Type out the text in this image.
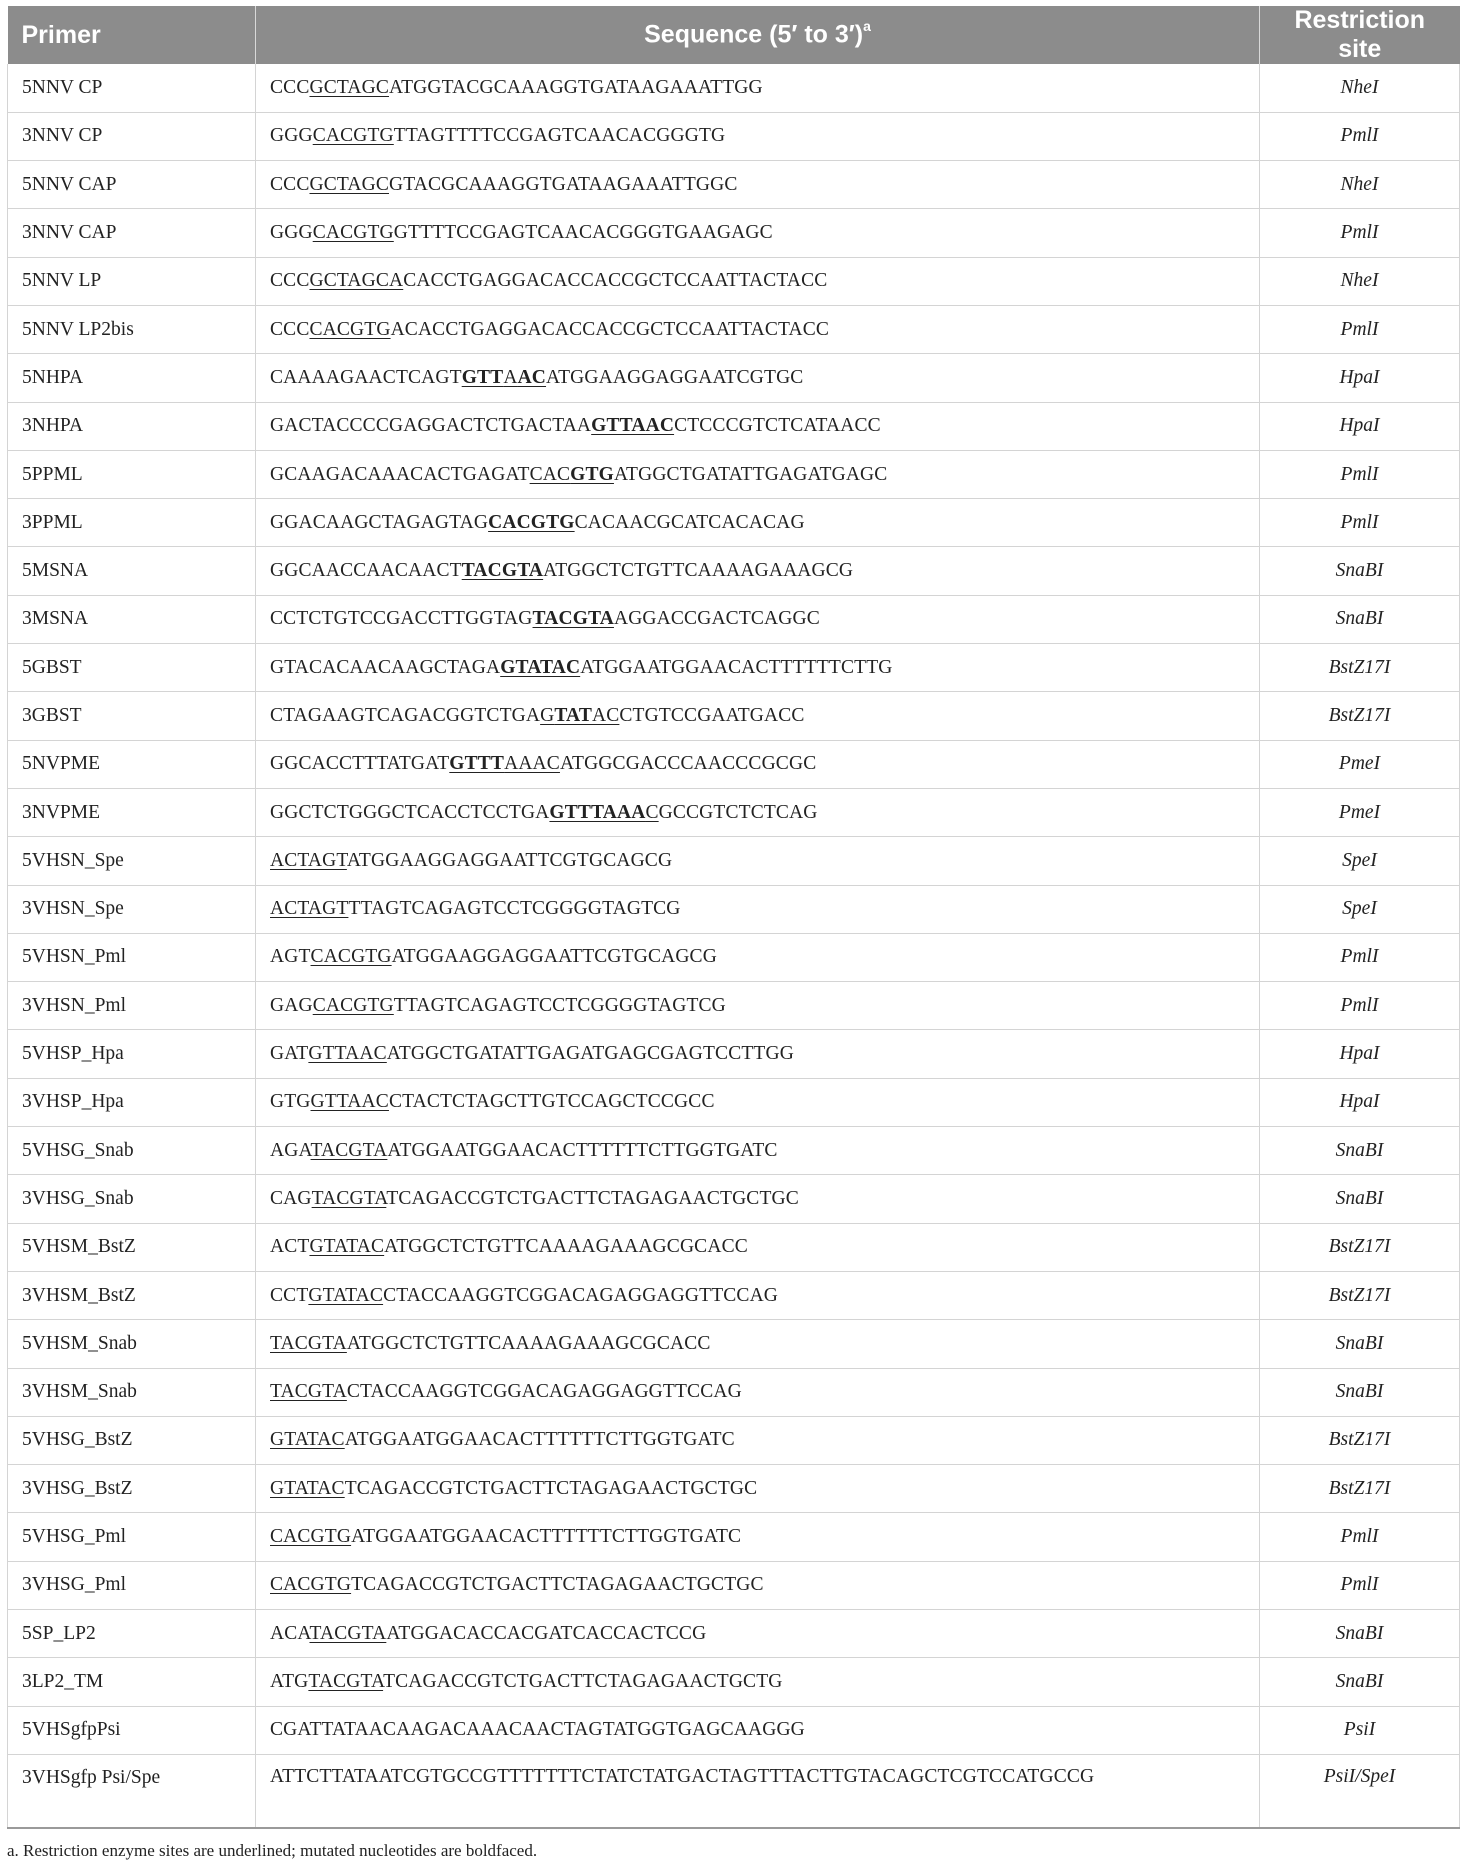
Primer	Sequence (5′ to 3′)$^a$	Restriction site
5NNV CP	CCCGCTAGCATGGTACGCAAAGGTGATAAGAAATTGG	NheI
3NNV CP	GGGCACGTGTTAGTTTTCCGAGTCAACACGGGTG	PmlI
5NNV CAP	CCCGCTAGCGTACGCAAAGGTGATAAGAAATTGGC	NheI
3NNV CAP	GGGCACGTGGTTTTCCGAGTCAACACGGGTGAAGAGC	PmlI
5NNV LP	CCCGCTAGCACACCTGAGGACACCACCGCTCCAATTACTACC	NheI
5NNV LP2bis	CCCCACGTGACACCTGAGGACACCACCGCTCCAATTACTACC	PmlI
5NHPA	CAAAAGAACTCAGTGTTAACATGGAAGGAGGAATCGTGC	HpaI
3NHPA	GACTACCCCGAGGACTCTGACTAAGTTAACCTCCCGTCTCATAACC	HpaI
5PPML	GCAAGACAAACACTGAGATCACGTGATGGCTGATATTGAGATGAGC	PmlI
3PPML	GGACAAGCTAGAGTAGCACGTGCACAACGCATCACACAG	PmlI
5MSNA	GGCAACCAACAACTTACGTAATGGCTCTGTTCAAAAGAAAGCG	SnaBI
3MSNA	CCTCTGTCCGACCTTGGTAGTACGTAAGGACCGACTCAGGC	SnaBI
5GBST	GTACACAACAAGCTAGAGTATACATGGAATGGAACACTTTTTTCTTG	BstZ17I
3GBST	CTAGAAGTCAGACGGTCTGAGTATACCTGTCCGAATGACC	BstZ17I
5NVPME	GGCACCTTTATGATGTTTAAACATGGCGACCCAACCCGCGC	PmeI
3NVPME	GGCTCTGGGCTCACCTCCTGAGTTTAAACGCCGTCTCTCAG	PmeI
5VHSN_Spe	ACTAGTATGGAAGGAGGAATTCGTGCAGCG	SpeI
3VHSN_Spe	ACTAGTTTAGTCAGAGTCCTCGGGGTAGTCG	SpeI
5VHSN_Pml	AGTCACGTGATGGAAGGAGGAATTCGTGCAGCG	PmlI
3VHSN_Pml	GAGCACGTGTTAGTCAGAGTCCTCGGGGTAGTCG	PmlI
5VHSP_Hpa	GATGTTAACATGGCTGATATTGAGATGAGCGAGTCCTTGG	HpaI
3VHSP_Hpa	GTGGTTAACCTACTCTAGCTTGTCCAGCTCCGCC	HpaI
5VHSG_Snab	AGATACGTAATGGAATGGAACACTTTTTTCTTGGTGATC	SnaBI
3VHSG_Snab	CAGTACGTATCAGACCGTCTGACTTCTAGAGAACTGCTGC	SnaBI
5VHSM_BstZ	ACTGTATACATGGCTCTGTTCAAAAGAAAGCGCACC	BstZ17I
3VHSM_BstZ	CCTGTATACCTACCAAGGTCGGACAGAGGAGGTTCCAG	BstZ17I
5VHSM_Snab	TACGTAATGGCTCTGTTCAAAAGAAAGCGCACC	SnaBI
3VHSM_Snab	TACGTACTACCAAGGTCGGACAGAGGAGGTTCCAG	SnaBI
5VHSG_BstZ	GTATACATGGAATGGAACACTTTTTTCTTGGTGATC	BstZ17I
3VHSG_BstZ	GTATACTCAGACCGTCTGACTTCTAGAGAACTGCTGC	BstZ17I
5VHSG_Pml	CACGTGATGGAATGGAACACTTTTTTCTTGGTGATC	PmlI
3VHSG_Pml	CACGTGTCAGACCGTCTGACTTCTAGAGAACTGCTGC	PmlI
5SP_LP2	ACATACGTAATGGACACCACGATCACCACTCCG	SnaBI
3LP2_TM	ATGTACGTATCAGACCGTCTGACTTCTAGAGAACTGCTG	SnaBI
5VHSgfpPsi	CGATTATAACAAGACAAACAACTAGTATGGTGAGCAAGGG	PsiI
3VHSgfp Psi/Spe	ATTCTTATAATCGTGCCGTTTTTTTCTATCTATGACTAGTTTACTTGTACAGCTCGTCCATGCCG	PsiI/SpeI
a. Restriction enzyme sites are underlined; mutated nucleotides are boldfaced.
